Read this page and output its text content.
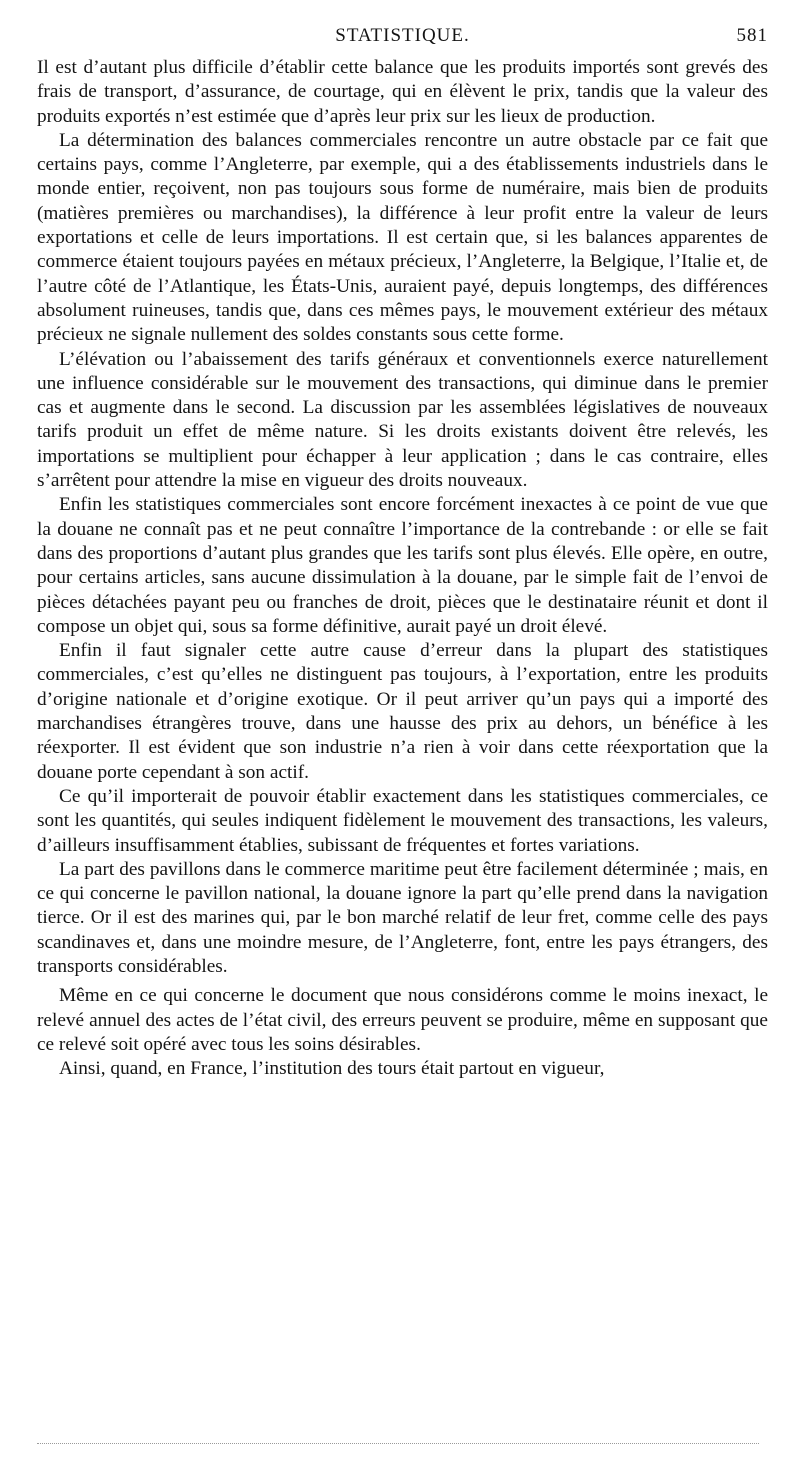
STATISTIQUE.	581

Il est d’autant plus difficile d’établir cette balance que les produits importés sont grevés des frais de transport, d’assurance, de courtage, qui en élèvent le prix, tandis que la valeur des produits exportés n’est estimée que d’après leur prix sur les lieux de production.

La détermination des balances commerciales rencontre un autre obstacle par ce fait que certains pays, comme l’Angleterre, par exemple, qui a des établissements industriels dans le monde entier, reçoivent, non pas toujours sous forme de numéraire, mais bien de produits (matières premières ou marchandises), la différence à leur profit entre la valeur de leurs exportations et celle de leurs importations. Il est certain que, si les balances apparentes de commerce étaient toujours payées en métaux précieux, l’Angleterre, la Belgique, l’Italie et, de l’autre côté de l’Atlantique, les États-Unis, auraient payé, depuis longtemps, des différences absolument ruineuses, tandis que, dans ces mêmes pays, le mouvement extérieur des métaux précieux ne signale nullement des soldes constants sous cette forme.

L’élévation ou l’abaissement des tarifs généraux et conventionnels exerce naturellement une influence considérable sur le mouvement des transactions, qui diminue dans le premier cas et augmente dans le second. La discussion par les assemblées législatives de nouveaux tarifs produit un effet de même nature. Si les droits existants doivent être relevés, les importations se multiplient pour échapper à leur application ; dans le cas contraire, elles s’arrêtent pour attendre la mise en vigueur des droits nouveaux.

Enfin les statistiques commerciales sont encore forcément inexactes à ce point de vue que la douane ne connaît pas et ne peut connaître l’importance de la contrebande : or elle se fait dans des proportions d’autant plus grandes que les tarifs sont plus élevés. Elle opère, en outre, pour certains articles, sans aucune dissimulation à la douane, par le simple fait de l’envoi de pièces détachées payant peu ou franches de droit, pièces que le destinataire réunit et dont il compose un objet qui, sous sa forme définitive, aurait payé un droit élevé.

Enfin il faut signaler cette autre cause d’erreur dans la plupart des statistiques commerciales, c’est qu’elles ne distinguent pas toujours, à l’exportation, entre les produits d’origine nationale et d’origine exotique. Or il peut arriver qu’un pays qui a importé des marchandises étrangères trouve, dans une hausse des prix au dehors, un bénéfice à les réexporter. Il est évident que son industrie n’a rien à voir dans cette réexportation que la douane porte cependant à son actif.

Ce qu’il importerait de pouvoir établir exactement dans les statistiques commerciales, ce sont les quantités, qui seules indiquent fidèlement le mouvement des transactions, les valeurs, d’ailleurs insuffisamment établies, subissant de fréquentes et fortes variations.

La part des pavillons dans le commerce maritime peut être facilement déterminée ; mais, en ce qui concerne le pavillon national, la douane ignore la part qu’elle prend dans la navigation tierce. Or il est des marines qui, par le bon marché relatif de leur fret, comme celle des pays scandinaves et, dans une moindre mesure, de l’Angleterre, font, entre les pays étrangers, des transports considérables.

Même en ce qui concerne le document que nous considérons comme le moins inexact, le relevé annuel des actes de l’état civil, des erreurs peuvent se produire, même en supposant que ce relevé soit opéré avec tous les soins désirables.

Ainsi, quand, en France, l’institution des tours était partout en vigueur,
